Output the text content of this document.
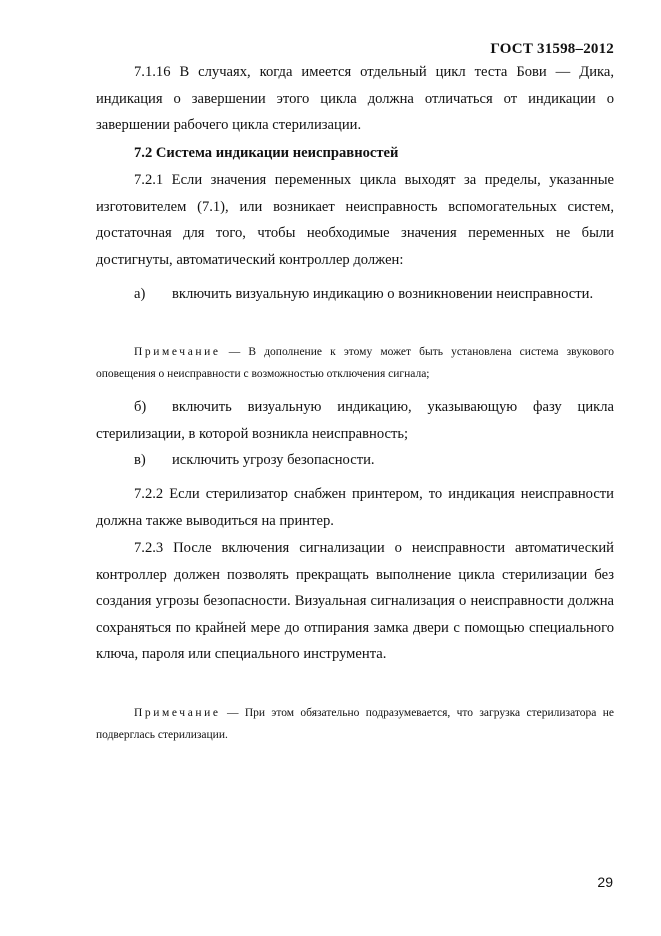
ГОСТ 31598–2012

7.1.16 В случаях, когда имеется отдельный цикл теста Бови — Дика, индикация о завершении этого цикла должна отличаться от индикации о завершении рабочего цикла стерилизации.

7.2 Система индикации неисправностей

7.2.1 Если значения переменных цикла выходят за пределы, указанные изготовителем (7.1), или возникает неисправность вспомогательных систем, достаточная для того, чтобы необходимые значения переменных не были достигнуты, автоматический контроллер должен:

а) включить визуальную индикацию о возникновении неисправности.

Примечание — В дополнение к этому может быть установлена система звукового оповещения о неисправности с возможностью отключения сигнала;

б) включить визуальную индикацию, указывающую фазу цикла стерилизации, в которой возникла неисправность;

в) исключить угрозу безопасности.

7.2.2 Если стерилизатор снабжен принтером, то индикация неисправности должна также выводиться на принтер.

7.2.3 После включения сигнализации о неисправности автоматический контроллер должен позволять прекращать выполнение цикла стерилизации без создания угрозы безопасности. Визуальная сигнализация о неисправности должна сохраняться по крайней мере до отпирания замка двери с помощью специального ключа, пароля или специального инструмента.

Примечание — При этом обязательно подразумевается, что загрузка стерилизатора не подверглась стерилизации.

29
